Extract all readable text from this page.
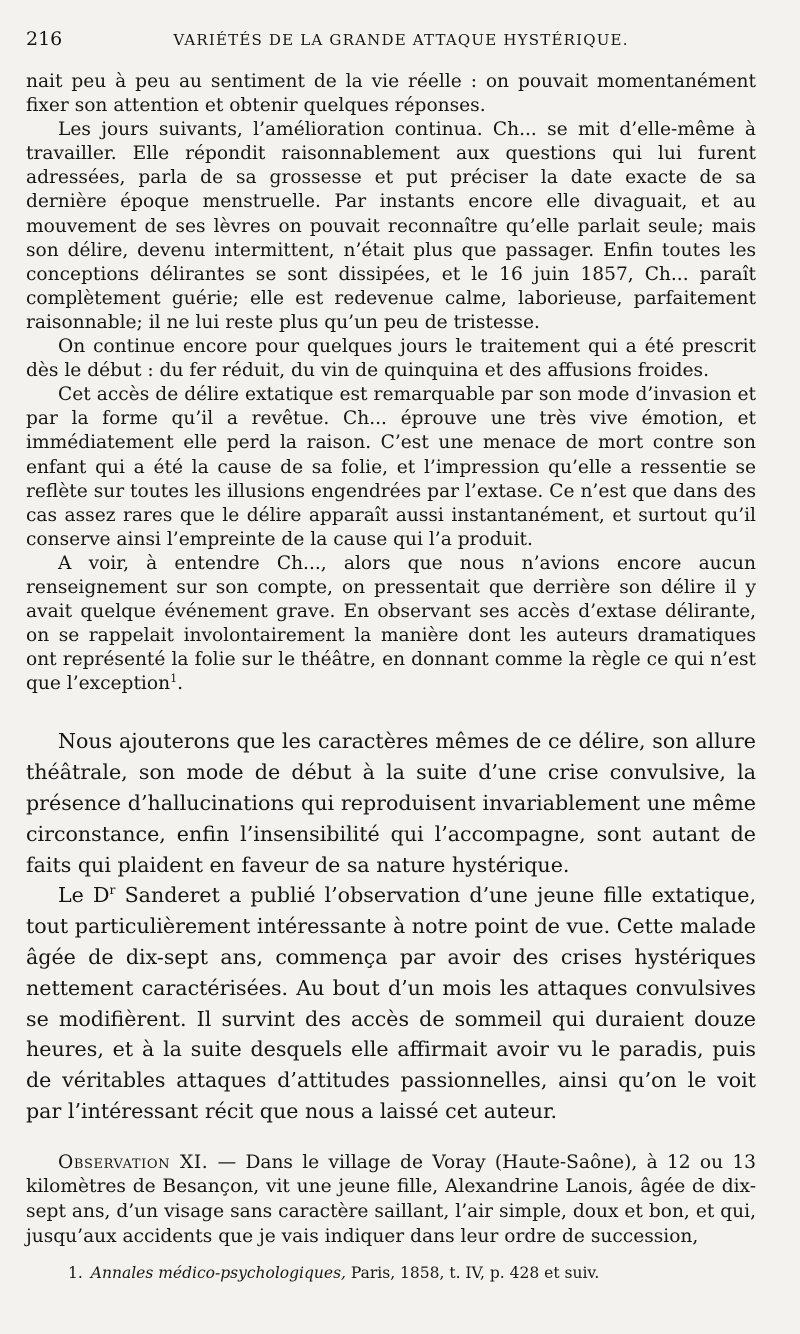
216	VARIÉTÉS DE LA GRANDE ATTAQUE HYSTÉRIQUE.

nait peu à peu au sentiment de la vie réelle : on pouvait momentanément fixer son attention et obtenir quelques réponses.

Les jours suivants, l’amélioration continua. Ch... se mit d’elle-même à travailler. Elle répondit raisonnablement aux questions qui lui furent adressées, parla de sa grossesse et put préciser la date exacte de sa dernière époque menstruelle. Par instants encore elle divaguait, et au mouvement de ses lèvres on pouvait reconnaître qu’elle parlait seule; mais son délire, devenu intermittent, n’était plus que passager. Enfin toutes les conceptions délirantes se sont dissipées, et le 16 juin 1857, Ch... paraît complètement guérie; elle est redevenue calme, laborieuse, parfaitement raisonnable; il ne lui reste plus qu’un peu de tristesse.

On continue encore pour quelques jours le traitement qui a été prescrit dès le début : du fer réduit, du vin de quinquina et des affusions froides.

Cet accès de délire extatique est remarquable par son mode d’invasion et par la forme qu’il a revêtue. Ch... éprouve une très vive émotion, et immédiatement elle perd la raison. C’est une menace de mort contre son enfant qui a été la cause de sa folie, et l’impression qu’elle a ressentie se reflète sur toutes les illusions engendrées par l’extase. Ce n’est que dans des cas assez rares que le délire apparaît aussi instantanément, et surtout qu’il conserve ainsi l’empreinte de la cause qui l’a produit.

A voir, à entendre Ch..., alors que nous n’avions encore aucun renseignement sur son compte, on pressentait que derrière son délire il y avait quelque événement grave. En observant ses accès d’extase délirante, on se rappelait involontairement la manière dont les auteurs dramatiques ont représenté la folie sur le théâtre, en donnant comme la règle ce qui n’est que l’exception$^1$.

Nous ajouterons que les caractères mêmes de ce délire, son allure théâtrale, son mode de début à la suite d’une crise convulsive, la présence d’hallucinations qui reproduisent invariablement une même circonstance, enfin l’insensibilité qui l’accompagne, sont autant de faits qui plaident en faveur de sa nature hystérique.

Le $D^r$ Sanderet a publié l’observation d’une jeune fille extatique, tout particulièrement intéressante à notre point de vue. Cette malade âgée de dix-sept ans, commença par avoir des crises hystériques nettement caractérisées. Au bout d’un mois les attaques convulsives se modifièrent. Il survint des accès de sommeil qui duraient douze heures, et à la suite desquels elle affirmait avoir vu le paradis, puis de véritables attaques d’attitudes passionnelles, ainsi qu’on le voit par l’intéressant récit que nous a laissé cet auteur.

Observation XI. — Dans le village de Voray (Haute-Saône), à 12 ou 13 kilomètres de Besançon, vit une jeune fille, Alexandrine Lanois, âgée de dix-sept ans, d’un visage sans caractère saillant, l’air simple, doux et bon, et qui, jusqu’aux accidents que je vais indiquer dans leur ordre de succession,

1. Annales médico-psychologiques, Paris, 1858, t. IV, p. 428 et suiv.
